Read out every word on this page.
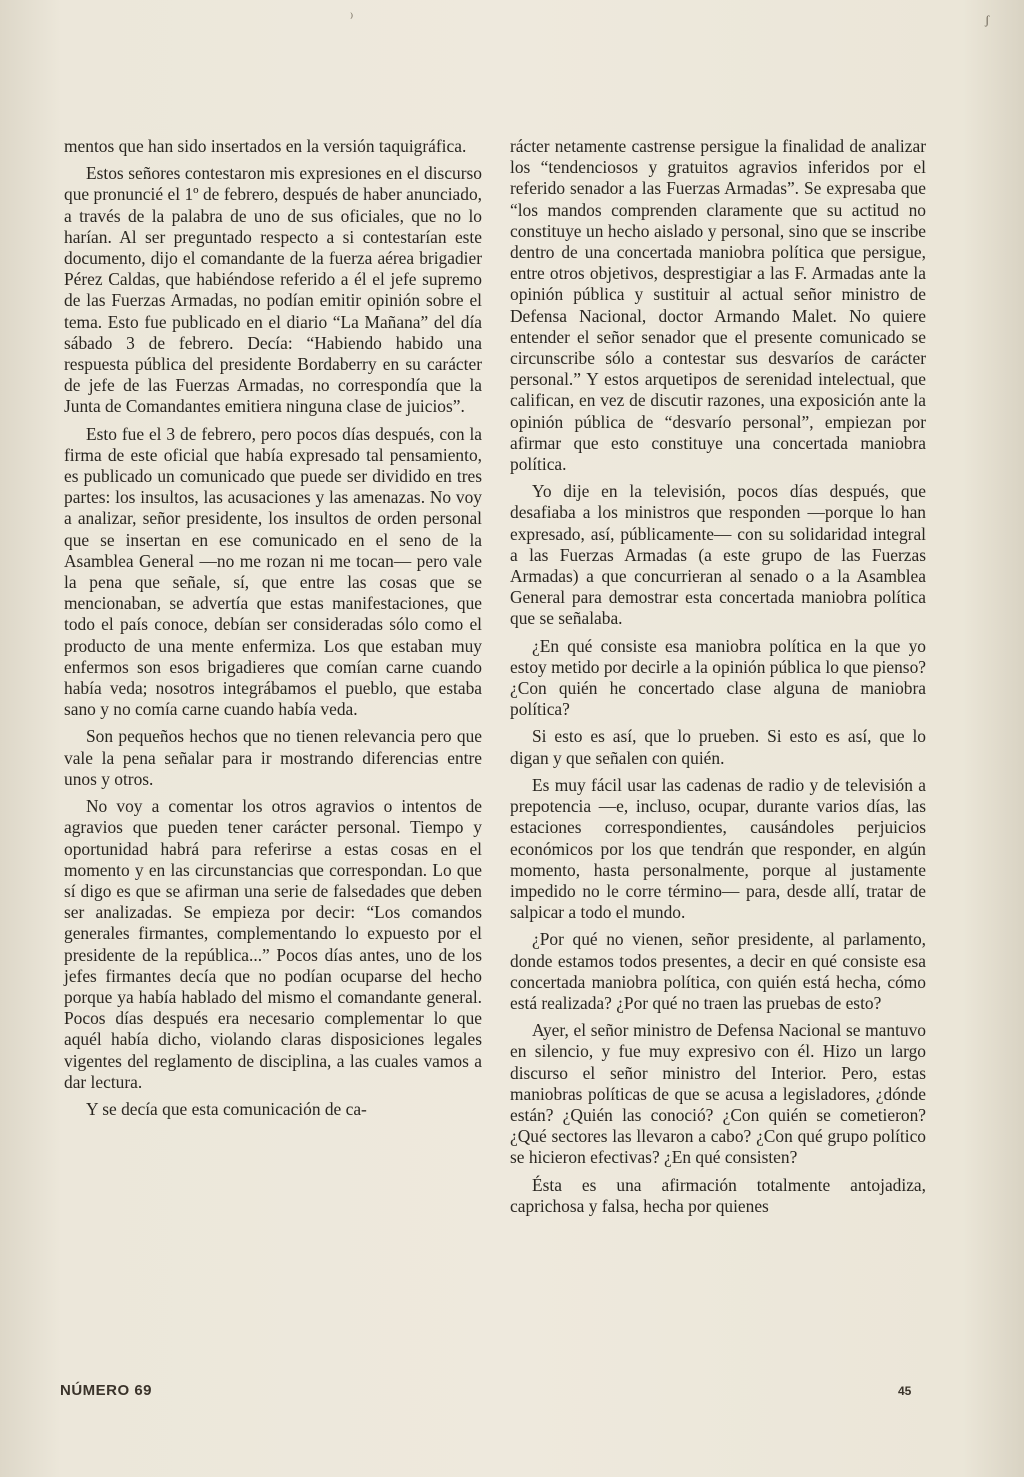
⁾	ʃ

mentos que han sido insertados en la versión taquigráfica.

Estos señores contestaron mis expresiones en el discurso que pronuncié el 1º de febrero, después de haber anunciado, a través de la palabra de uno de sus oficiales, que no lo harían. Al ser preguntado respecto a si contestarían este documento, dijo el comandante de la fuerza aérea brigadier Pérez Caldas, que habiéndose referido a él el jefe supremo de las Fuerzas Armadas, no podían emitir opinión sobre el tema. Esto fue publicado en el diario “La Mañana” del día sábado 3 de febrero. Decía: “Habiendo habido una respuesta pública del presidente Bordaberry en su carácter de jefe de las Fuerzas Armadas, no correspondía que la Junta de Comandantes emitiera ninguna clase de juicios”.

Esto fue el 3 de febrero, pero pocos días después, con la firma de este oficial que había expresado tal pensamiento, es publicado un comunicado que puede ser dividido en tres partes: los insultos, las acusaciones y las amenazas. No voy a analizar, señor presidente, los insultos de orden personal que se insertan en ese comunicado en el seno de la Asamblea General —no me rozan ni me tocan— pero vale la pena que señale, sí, que entre las cosas que se mencionaban, se advertía que estas manifestaciones, que todo el país conoce, debían ser consideradas sólo como el producto de una mente enfermiza. Los que estaban muy enfermos son esos brigadieres que comían carne cuando había veda; nosotros integrábamos el pueblo, que estaba sano y no comía carne cuando había veda.

Son pequeños hechos que no tienen relevancia pero que vale la pena señalar para ir mostrando diferencias entre unos y otros.

No voy a comentar los otros agravios o intentos de agravios que pueden tener carácter personal. Tiempo y oportunidad habrá para referirse a estas cosas en el momento y en las circunstancias que correspondan. Lo que sí digo es que se afirman una serie de falsedades que deben ser analizadas. Se empieza por decir: “Los comandos generales firmantes, complementando lo expuesto por el presidente de la república...” Pocos días antes, uno de los jefes firmantes decía que no podían ocuparse del hecho porque ya había hablado del mismo el comandante general. Pocos días después era necesario complementar lo que aquél había dicho, violando claras disposiciones legales vigentes del reglamento de disciplina, a las cuales vamos a dar lectura.

Y se decía que esta comunicación de ca-

rácter netamente castrense persigue la finalidad de analizar los “tendenciosos y gratuitos agravios inferidos por el referido senador a las Fuerzas Armadas”. Se expresaba que “los mandos comprenden claramente que su actitud no constituye un hecho aislado y personal, sino que se inscribe dentro de una concertada maniobra política que persigue, entre otros objetivos, desprestigiar a las F. Armadas ante la opinión pública y sustituir al actual señor ministro de Defensa Nacional, doctor Armando Malet. No quiere entender el señor senador que el presente comunicado se circunscribe sólo a contestar sus desvaríos de carácter personal.” Y estos arquetipos de serenidad intelectual, que califican, en vez de discutir razones, una exposición ante la opinión pública de “desvarío personal”, empiezan por afirmar que esto constituye una concertada maniobra política.

Yo dije en la televisión, pocos días después, que desafiaba a los ministros que responden —porque lo han expresado, así, públicamente— con su solidaridad integral a las Fuerzas Armadas (a este grupo de las Fuerzas Armadas) a que concurrieran al senado o a la Asamblea General para demostrar esta concertada maniobra política que se señalaba.

¿En qué consiste esa maniobra política en la que yo estoy metido por decirle a la opinión pública lo que pienso? ¿Con quién he concertado clase alguna de maniobra política?

Si esto es así, que lo prueben. Si esto es así, que lo digan y que señalen con quién.

Es muy fácil usar las cadenas de radio y de televisión a prepotencia —e, incluso, ocupar, durante varios días, las estaciones correspondientes, causándoles perjuicios económicos por los que tendrán que responder, en algún momento, hasta personalmente, porque al justamente impedido no le corre término— para, desde allí, tratar de salpicar a todo el mundo.

¿Por qué no vienen, señor presidente, al parlamento, donde estamos todos presentes, a decir en qué consiste esa concertada maniobra política, con quién está hecha, cómo está realizada? ¿Por qué no traen las pruebas de esto?

Ayer, el señor ministro de Defensa Nacional se mantuvo en silencio, y fue muy expresivo con él. Hizo un largo discurso el señor ministro del Interior. Pero, estas maniobras políticas de que se acusa a legisladores, ¿dónde están? ¿Quién las conoció? ¿Con quién se cometieron? ¿Qué sectores las llevaron a cabo? ¿Con qué grupo político se hicieron efectivas? ¿En qué consisten?

Ésta es una afirmación totalmente antojadiza, caprichosa y falsa, hecha por quienes

NÚMERO 69	45
